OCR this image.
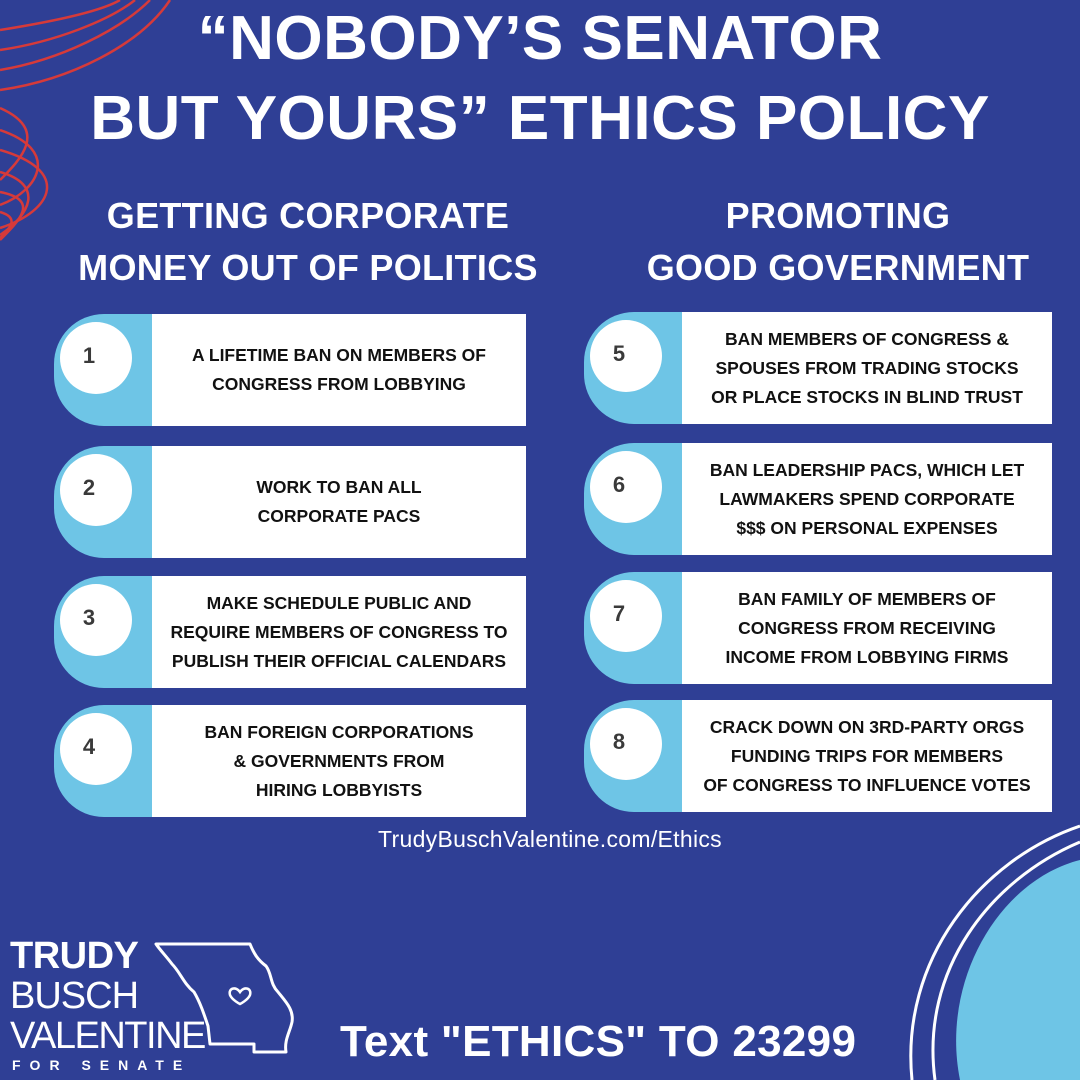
“NOBODY’S SENATOR
BUT YOURS” ETHICS POLICY
GETTING CORPORATE
MONEY OUT OF POLITICS
PROMOTING
GOOD GOVERNMENT
1	A LIFETIME BAN ON MEMBERS OF
CONGRESS FROM LOBBYING
2	WORK TO BAN ALL
CORPORATE PACS
3
MAKE SCHEDULE PUBLIC AND
REQUIRE MEMBERS OF CONGRESS TO
PUBLISH THEIR OFFICIAL CALENDARS
4
BAN FOREIGN CORPORATIONS
& GOVERNMENTS FROM
HIRING LOBBYISTS
5
BAN MEMBERS OF CONGRESS &
SPOUSES FROM TRADING STOCKS
OR PLACE STOCKS IN BLIND TRUST
6
BAN LEADERSHIP PACS, WHICH LET
LAWMAKERS SPEND CORPORATE
$$$ ON PERSONAL EXPENSES
7
BAN FAMILY OF MEMBERS OF
CONGRESS FROM RECEIVING
INCOME FROM LOBBYING FIRMS
8
CRACK DOWN ON 3RD-PARTY ORGS
FUNDING TRIPS FOR MEMBERS
OF CONGRESS TO INFLUENCE VOTES
TrudyBuschValentine.com/Ethics
TRUDY
BUSCH
VALENTINE
FOR SENATE	Text "ETHICS" TO 23299
